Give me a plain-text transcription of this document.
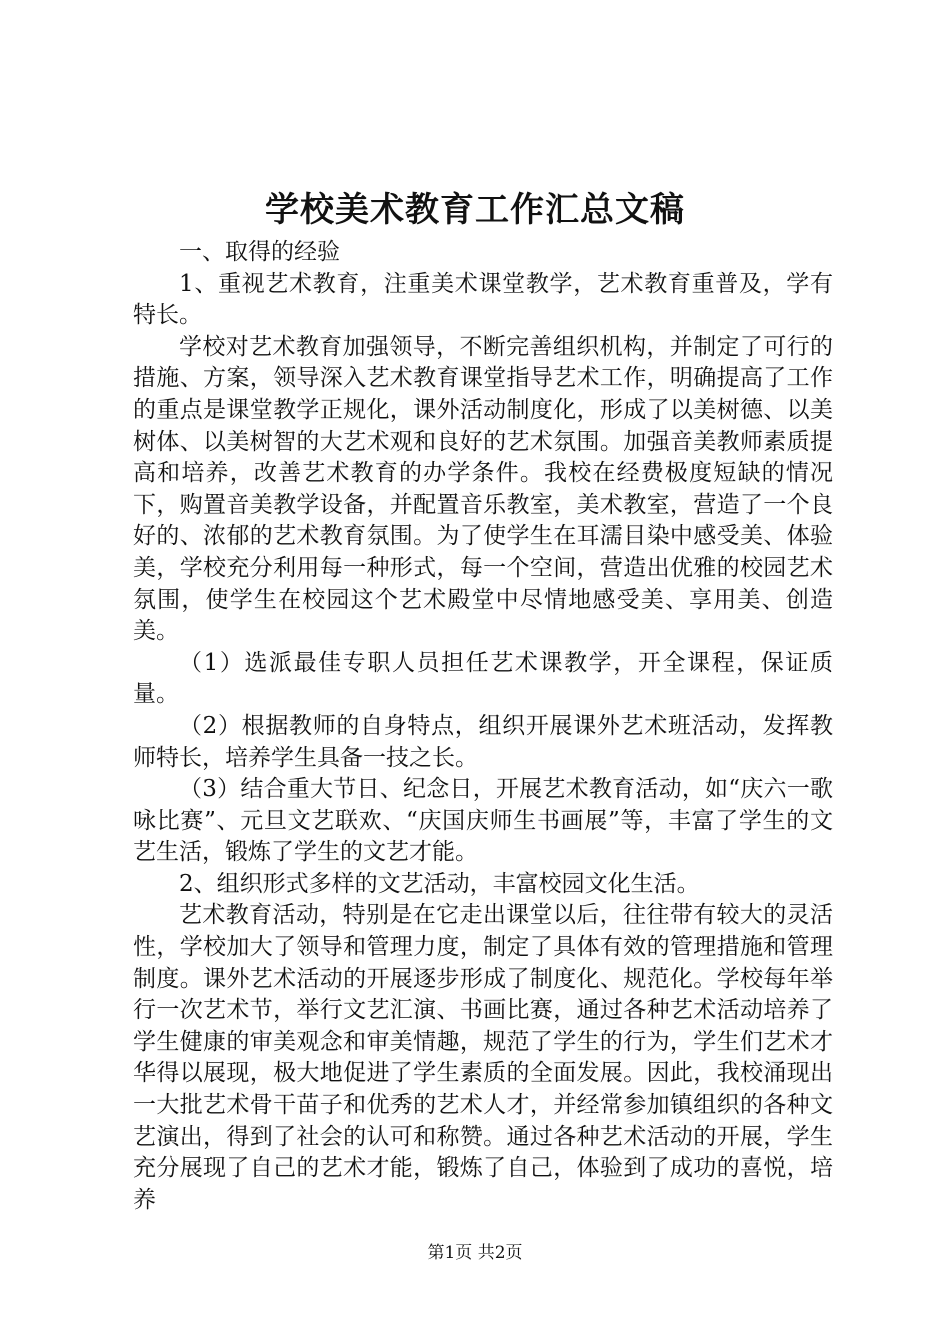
学校美术教育工作汇总文稿

一、取得的经验

1、重视艺术教育，注重美术课堂教学，艺术教育重普及，学有特长。

学校对艺术教育加强领导，不断完善组织机构，并制定了可行的措施、方案，领导深入艺术教育课堂指导艺术工作，明确提高了工作的重点是课堂教学正规化，课外活动制度化，形成了以美树德、以美树体、以美树智的大艺术观和良好的艺术氛围。加强音美教师素质提高和培养，改善艺术教育的办学条件。我校在经费极度短缺的情况下，购置音美教学设备，并配置音乐教室，美术教室，营造了一个良好的、浓郁的艺术教育氛围。为了使学生在耳濡目染中感受美、体验美，学校充分利用每一种形式，每一个空间，营造出优雅的校园艺术氛围，使学生在校园这个艺术殿堂中尽情地感受美、享用美、创造美。

（1）选派最佳专职人员担任艺术课教学，开全课程，保证质量。

（2）根据教师的自身特点，组织开展课外艺术班活动，发挥教师特长，培养学生具备一技之长。

（3）结合重大节日、纪念日，开展艺术教育活动，如“庆六一歌咏比赛”、元旦文艺联欢、“庆国庆师生书画展”等，丰富了学生的文艺生活，锻炼了学生的文艺才能。

2、组织形式多样的文艺活动，丰富校园文化生活。

艺术教育活动，特别是在它走出课堂以后，往往带有较大的灵活性，学校加大了领导和管理力度，制定了具体有效的管理措施和管理制度。课外艺术活动的开展逐步形成了制度化、规范化。学校每年举行一次艺术节，举行文艺汇演、书画比赛，通过各种艺术活动培养了学生健康的审美观念和审美情趣，规范了学生的行为，学生们艺术才华得以展现，极大地促进了学生素质的全面发展。因此，我校涌现出一大批艺术骨干苗子和优秀的艺术人才，并经常参加镇组织的各种文艺演出，得到了社会的认可和称赞。通过各种艺术活动的开展，学生充分展现了自己的艺术才能，锻炼了自己，体验到了成功的喜悦，培养

第1页 共2页
